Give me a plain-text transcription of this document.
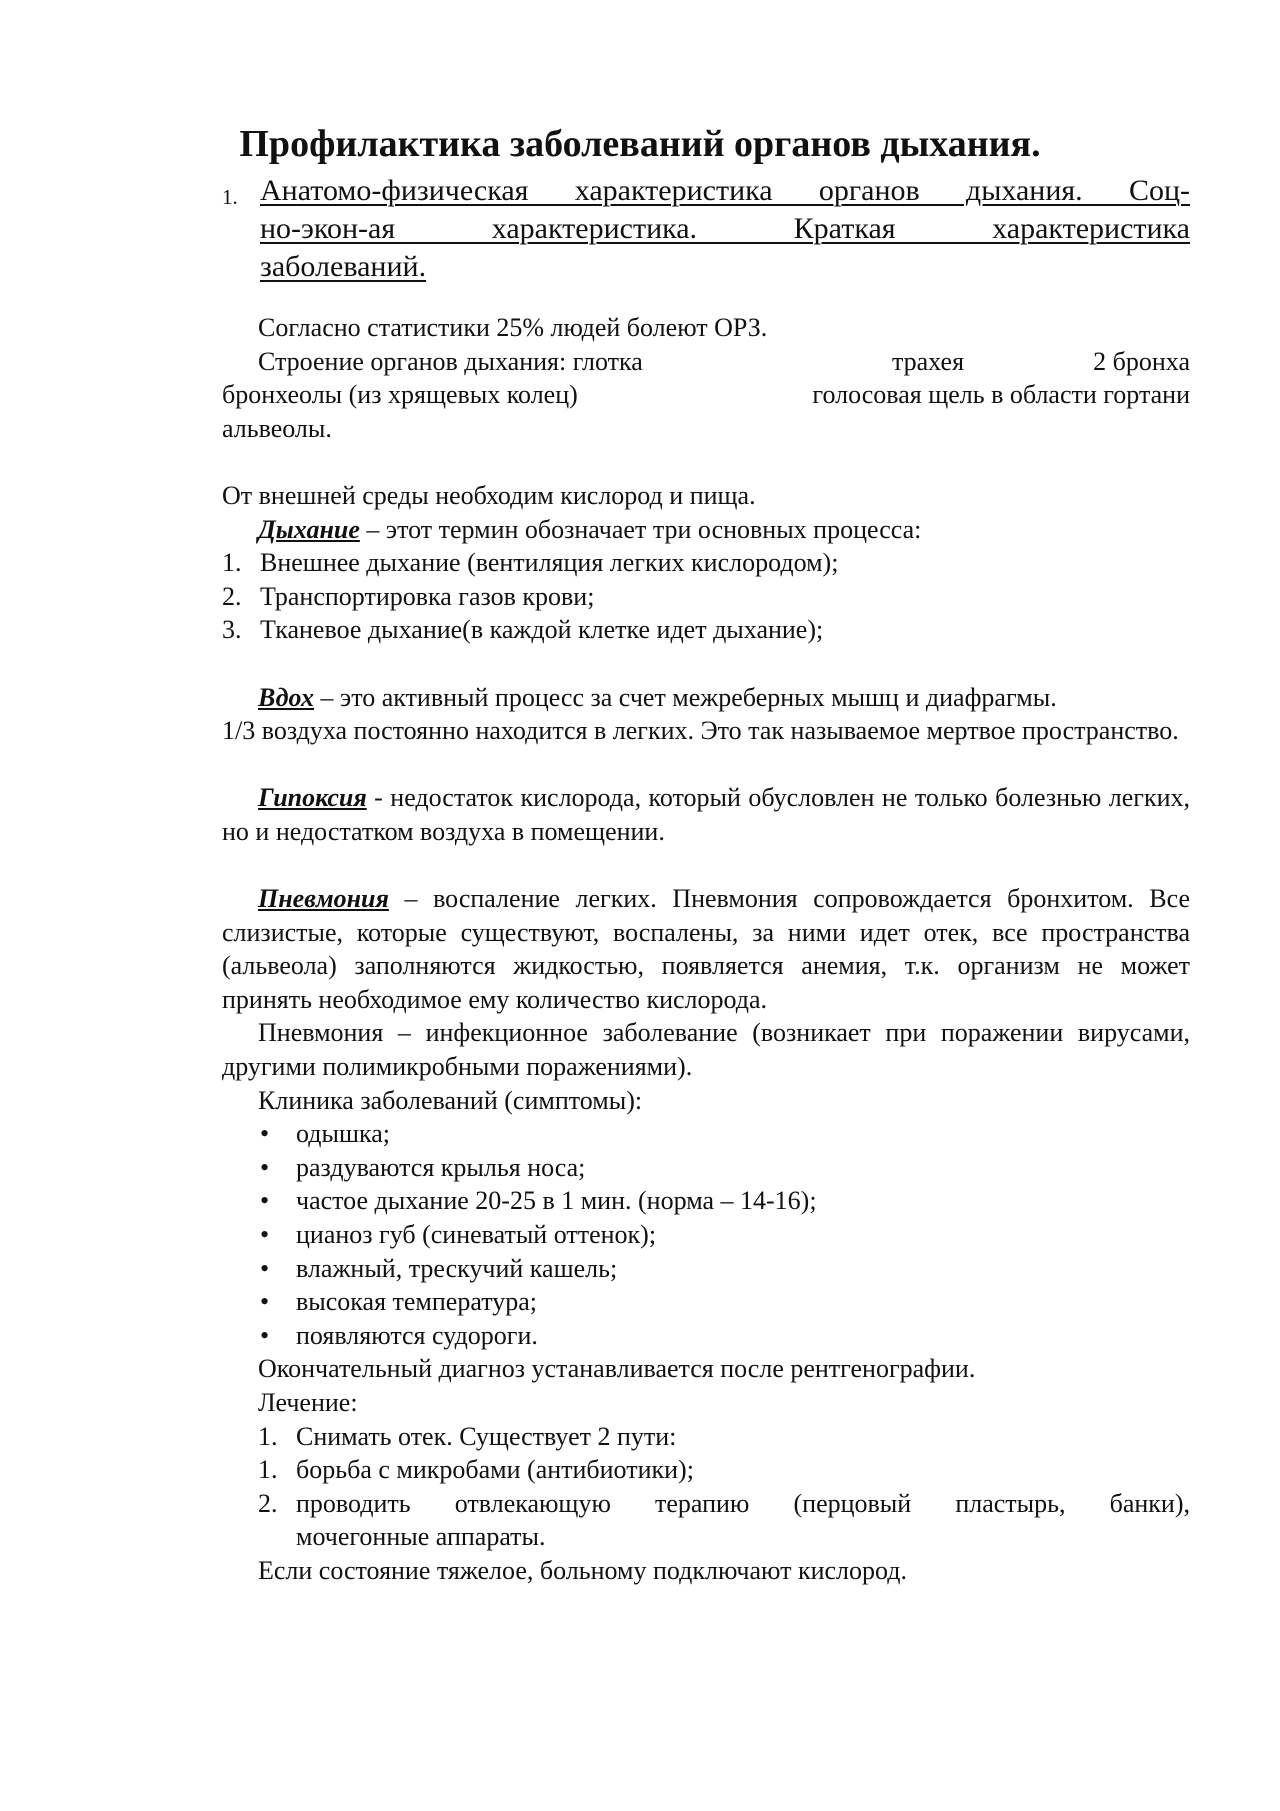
Профилактика заболеваний органов дыхания.
1. Анатомо-физическая характеристика органов дыхания. Соц-
но-экон-ая характеристика. Краткая характеристика
заболеваний.

Согласно статистики 25% людей болеют ОРЗ.

Строение органов дыхания: глотка	трахея	2 бронха

бронхеолы (из хрящевых колец)	голосовая щель в области гортани

альвеолы.

От внешней среды необходим кислород и пища.

Дыхание – этот термин обозначает три основных процесса:

1. Внешнее дыхание (вентиляция легких кислородом);
2. Транспортировка газов крови;
3. Тканевое дыхание(в каждой клетке идет дыхание);

Вдох – это активный процесс за счет межреберных мышц и диафрагмы.

1/3 воздуха постоянно находится в легких. Это так называемое мертвое пространство.

Гипоксия - недостаток кислорода, который обусловлен не только болезнью легких, но и недостатком воздуха в помещении.

Пневмония – воспаление легких. Пневмония сопровождается бронхитом. Все слизистые, которые существуют, воспалены, за ними идет отек, все пространства (альвеола) заполняются жидкостью, появляется анемия, т.к. организм не может принять необходимое ему количество кислорода.

Пневмония – инфекционное заболевание (возникает при поражении вирусами, другими полимикробными поражениями).

Клиника заболеваний (симптомы):

• одышка;
• раздуваются крылья носа;
• частое дыхание 20-25 в 1 мин. (норма – 14-16);
• цианоз губ (синеватый оттенок);
• влажный, трескучий кашель;
• высокая температура;
• появляются судороги.

Окончательный диагноз устанавливается после рентгенографии.

Лечение:

1. Снимать отек. Существует 2 пути:
1. борьба с микробами (антибиотики);
2. проводить отвлекающую терапию (перцовый пластырь, банки),
мочегонные аппараты.

Если состояние тяжелое, больному подключают кислород.
